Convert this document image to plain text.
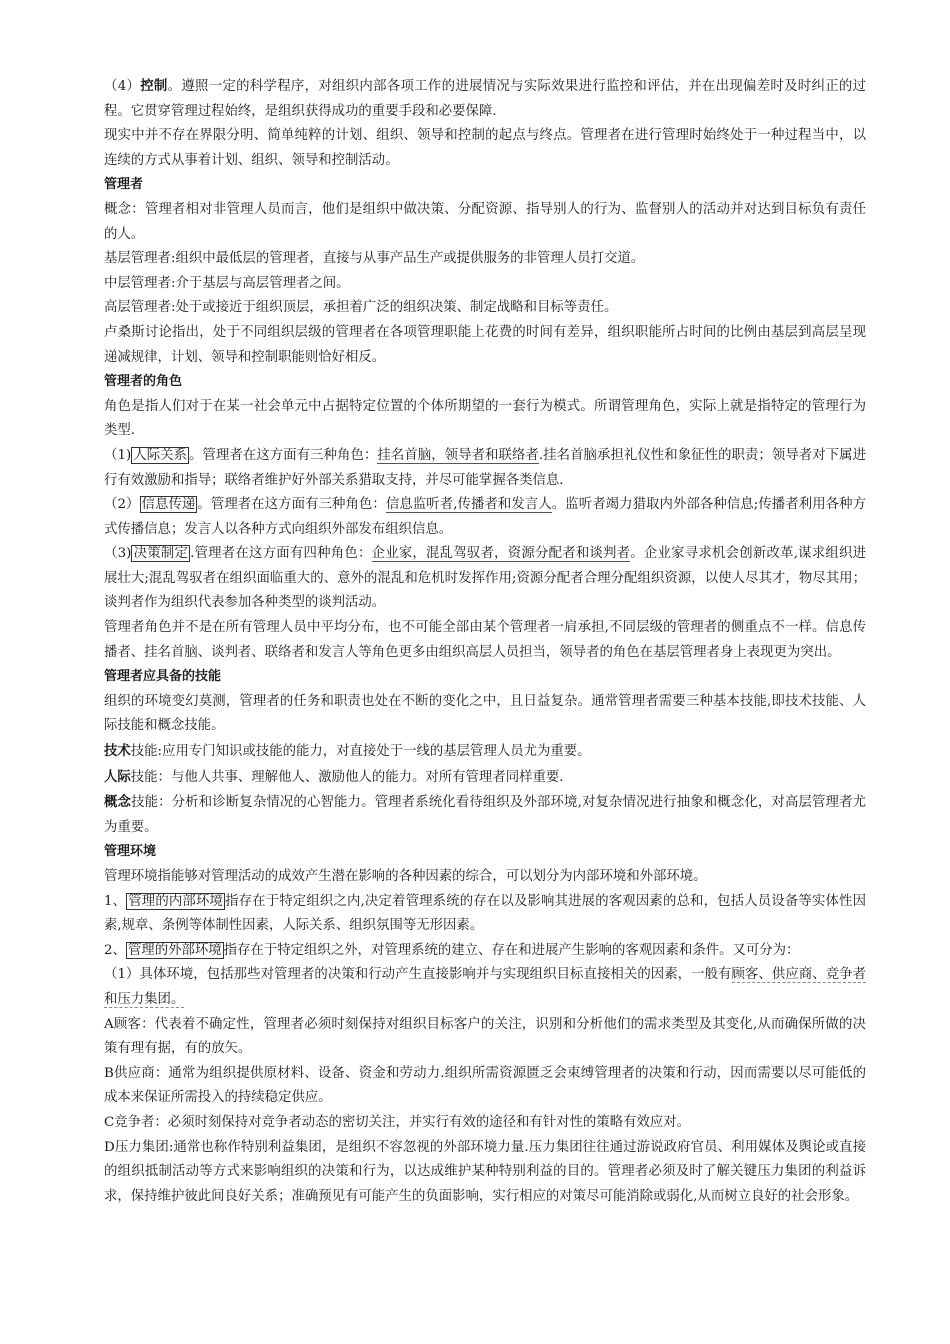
（4）控制。遵照一定的科学程序，对组织内部各项工作的进展情况与实际效果进行监控和评估，并在出现偏差时及时纠正的过程。它贯穿管理过程始终，是组织获得成功的重要手段和必要保障.

现实中并不存在界限分明、简单纯粹的计划、组织、领导和控制的起点与终点。管理者在进行管理时始终处于一种过程当中，以连续的方式从事着计划、组织、领导和控制活动。

管理者

概念：管理者相对非管理人员而言，他们是组织中做决策、分配资源、指导别人的行为、监督别人的活动并对达到目标负有责任的人。

基层管理者:组织中最低层的管理者，直接与从事产品生产或提供服务的非管理人员打交道。

中层管理者:介于基层与高层管理者之间。

高层管理者:处于或接近于组织顶层，承担着广泛的组织决策、制定战略和目标等责任。

卢桑斯讨论指出，处于不同组织层级的管理者在各项管理职能上花费的时间有差异，组织职能所占时间的比例由基层到高层呈现递减规律，计划、领导和控制职能则恰好相反。

管理者的角色

角色是指人们对于在某一社会单元中占据特定位置的个体所期望的一套行为模式。所谓管理角色，实际上就是指特定的管理行为类型.

（1) 人际关系 。管理者在这方面有三种角色：挂名首脑，领导者和联络者.挂名首脑承担礼仪性和象征性的职责；领导者对下属进行有效激励和指导；联络者维护好外部关系猎取支持，并尽可能掌握各类信息.

（2） 信息传递 。管理者在这方面有三种角色：信息监听者,传播者和发言人。监听者竭力猎取内外部各种信息;传播者利用各种方式传播信息；发言人以各种方式向组织外部发布组织信息。

（3) 决策制定 .管理者在这方面有四种角色：企业家，混乱驾驭者，资源分配者和谈判者。企业家寻求机会创新改革,谋求组织进展壮大;混乱驾驭者在组织面临重大的、意外的混乱和危机时发挥作用;资源分配者合理分配组织资源，以使人尽其才，物尽其用；谈判者作为组织代表参加各种类型的谈判活动。

管理者角色并不是在所有管理人员中平均分布，也不可能全部由某个管理者一肩承担,不同层级的管理者的侧重点不一样。信息传播者、挂名首脑、谈判者、联络者和发言人等角色更多由组织高层人员担当，领导者的角色在基层管理者身上表现更为突出。

管理者应具备的技能

组织的环境变幻莫测，管理者的任务和职责也处在不断的变化之中，且日益复杂。通常管理者需要三种基本技能,即技术技能、人际技能和概念技能。

技术技能:应用专门知识或技能的能力，对直接处于一线的基层管理人员尤为重要。

人际技能：与他人共事、理解他人、激励他人的能力。对所有管理者同样重要.

概念技能：分析和诊断复杂情况的心智能力。管理者系统化看待组织及外部环境,对复杂情况进行抽象和概念化，对高层管理者尤为重要。

管理环境

管理环境指能够对管理活动的成效产生潜在影响的各种因素的综合，可以划分为内部环境和外部环境。

1、 管理的内部环境 指存在于特定组织之内,决定着管理系统的存在以及影响其进展的客观因素的总和，包括人员设备等实体性因素,规章、条例等体制性因素，人际关系、组织氛围等无形因素。

2、 管理的外部环境 指存在于特定组织之外，对管理系统的建立、存在和进展产生影响的客观因素和条件。又可分为：

（1）具体环境，包括那些对管理者的决策和行动产生直接影响并与实现组织目标直接相关的因素，一般有顾客、供应商、竞争者和压力集团。

A顾客：代表着不确定性，管理者必须时刻保持对组织目标客户的关注，识别和分析他们的需求类型及其变化,从而确保所做的决策有理有据，有的放矢。

B供应商：通常为组织提供原材料、设备、资金和劳动力.组织所需资源匮乏会束缚管理者的决策和行动，因而需要以尽可能低的成本来保证所需投入的持续稳定供应。

C竞争者：必须时刻保持对竞争者动态的密切关注，并实行有效的途径和有针对性的策略有效应对。

D压力集团:通常也称作特别利益集团，是组织不容忽视的外部环境力量.压力集团往往通过游说政府官员、利用媒体及舆论或直接的组织抵制活动等方式来影响组织的决策和行为，以达成维护某种特别利益的目的。管理者必须及时了解关键压力集团的利益诉求，保持维护彼此间良好关系；准确预见有可能产生的负面影响，实行相应的对策尽可能消除或弱化,从而树立良好的社会形象。
